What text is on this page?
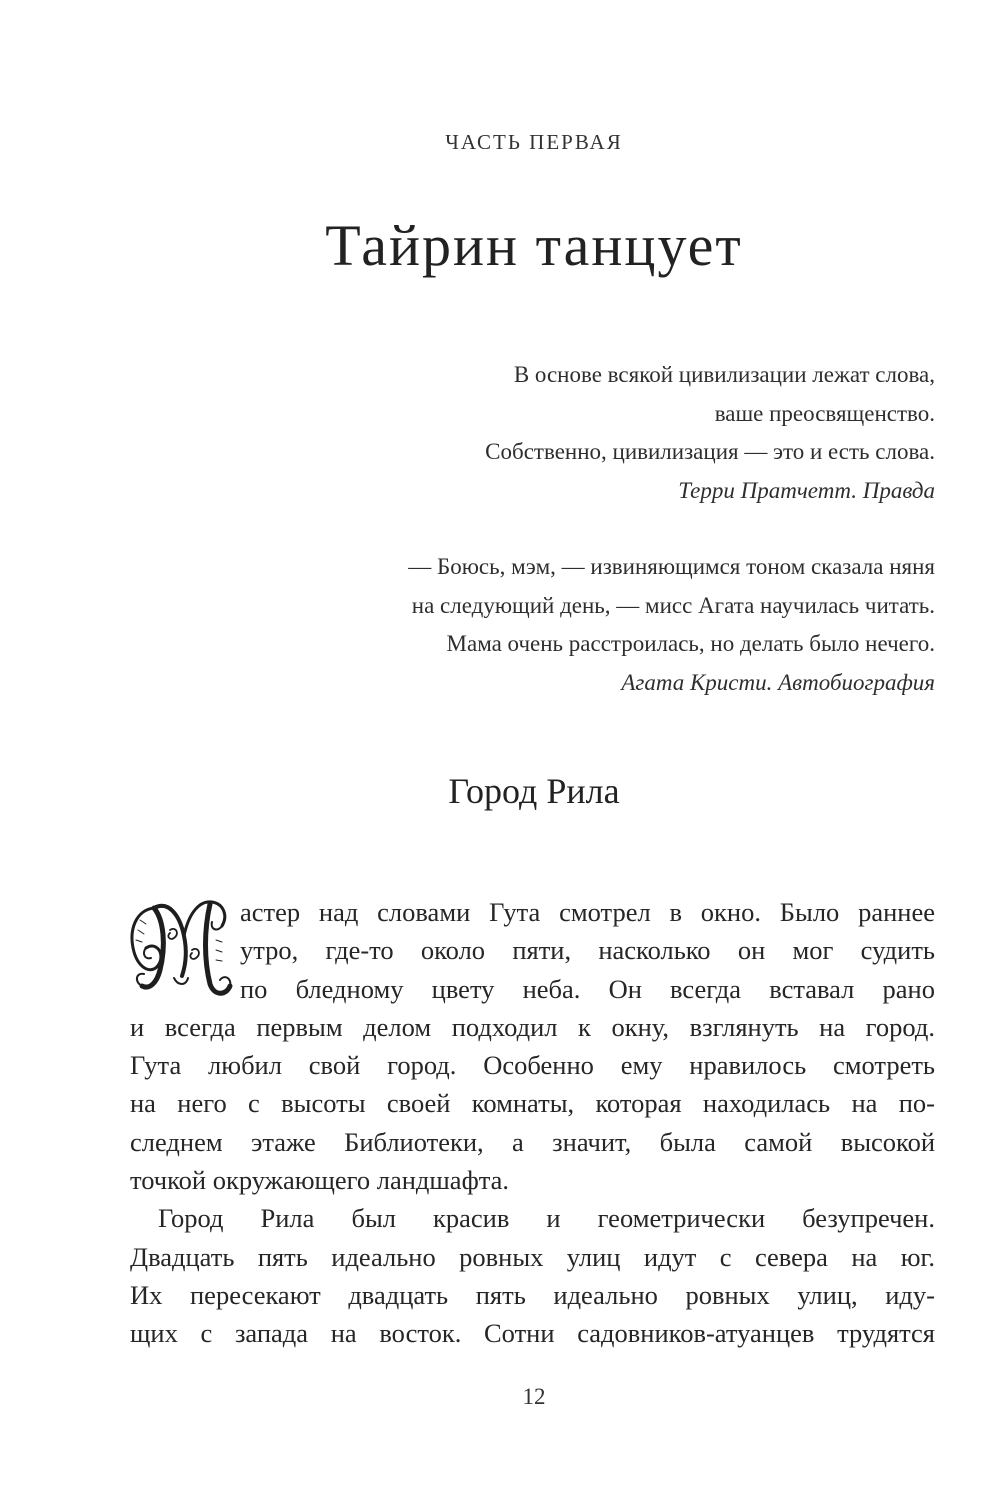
ЧАСТЬ ПЕРВАЯ
Тайрин танцует
В основе всякой цивилизации лежат слова,
ваше преосвященство.
Собственно, цивилизация — это и есть слова.
Терри Пратчетт. Правда
— Боюсь, мэм, — извиняющимся тоном сказала няня
на следующий день, — мисс Агата научилась читать.
Мама очень расстроилась, но делать было нечего.
Агата Кристи. Автобиография
Город Рила
астер над словами Гута смотрел в окно. Было раннее
утро, где-то около пяти, насколько он мог судить
по бледному цвету неба. Он всегда вставал рано
и всегда первым делом подходил к окну, взглянуть на город.
Гута любил свой город. Особенно ему нравилось смотреть
на него с высоты своей комнаты, которая находилась на по-
следнем этаже Библиотеки, а значит, была самой высокой
точкой окружающего ландшафта.
Город Рила был красив и геометрически безупречен.
Двадцать пять идеально ровных улиц идут с севера на юг.
Их пересекают двадцать пять идеально ровных улиц, иду-
щих с запада на восток. Сотни садовников-атуанцев трудятся
12
